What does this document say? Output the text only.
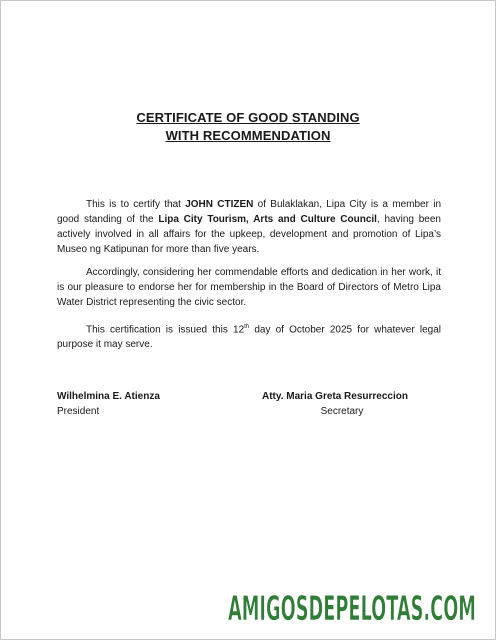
CERTIFICATE OF GOOD STANDING
WITH RECOMMENDATION

This is to certify that JOHN CTIZEN of Bulaklakan, Lipa City is a member in good standing of the Lipa City Tourism, Arts and Culture Council, having been actively involved in all affairs for the upkeep, development and promotion of Lipa’s Museo ng Katipunan for more than five years.

Accordingly, considering her commendable efforts and dedication in her work, it is our pleasure to endorse her for membership in the Board of Directors of Metro Lipa Water District representing the civic sector.

This certification is issued this 12th day of October 2025 for whatever legal purpose it may serve.

Wilhelmina E. Atienza
President
Atty. Maria Greta Resurreccion
Secretary
AMIGOSDEPELOTAS.COM
